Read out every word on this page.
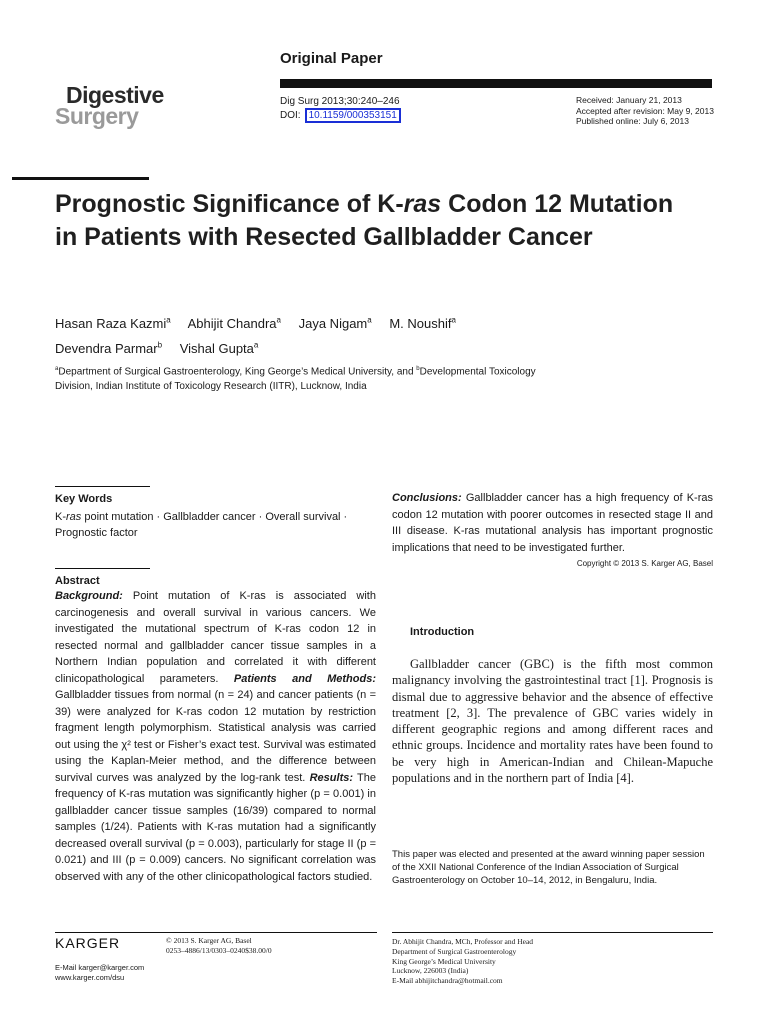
Digestive
Surgery
Original Paper
Dig Surg 2013;30:240–246
DOI: 10.1159/000353151
Received: January 21, 2013
Accepted after revision: May 9, 2013
Published online: July 6, 2013
Prognostic Significance of K-ras Codon 12 Mutation in Patients with Resected Gallbladder Cancer
Hasan Raza Kazmi$^a$ Abhijit Chandra$^a$ Jaya Nigam$^a$ M. Noushif$^a$
Devendra Parmar$^b$ Vishal Gupta$^a$
$^a$Department of Surgical Gastroenterology, King George’s Medical University, and $^b$Developmental Toxicology Division, Indian Institute of Toxicology Research (IITR), Lucknow, India
Key Words
K-ras point mutation · Gallbladder cancer · Overall survival · Prognostic factor
Abstract
Background: Point mutation of K-ras is associated with carcinogenesis and overall survival in various cancers. We investigated the mutational spectrum of K-ras codon 12 in resected normal and gallbladder cancer tissue samples in a Northern Indian population and correlated it with different clinicopathological parameters. Patients and Methods: Gallbladder tissues from normal (n = 24) and cancer patients (n = 39) were analyzed for K-ras codon 12 mutation by restriction fragment length polymorphism. Statistical analysis was carried out using the χ² test or Fisher’s exact test. Survival was estimated using the Kaplan-Meier method, and the difference between survival curves was analyzed by the log-rank test. Results: The frequency of K-ras mutation was significantly higher (p = 0.001) in gallbladder cancer tissue samples (16/39) compared to normal samples (1/24). Patients with K-ras mutation had a significantly decreased overall survival (p = 0.003), particularly for stage II (p = 0.021) and III (p = 0.009) cancers. No significant correlation was observed with any of the other clinicopathological factors studied.
Conclusions: Gallbladder cancer has a high frequency of K-ras codon 12 mutation with poorer outcomes in resected stage II and III disease. K-ras mutational analysis has important prognostic implications that need to be investigated further.
Copyright © 2013 S. Karger AG, Basel
Introduction
Gallbladder cancer (GBC) is the fifth most common malignancy involving the gastrointestinal tract [1]. Prognosis is dismal due to aggressive behavior and the absence of effective treatment [2, 3]. The prevalence of GBC varies widely in different geographic regions and among different races and ethnic groups. Incidence and mortality rates have been found to be very high in American-Indian and Chilean-Mapuche populations and in the northern part of India [4].
This paper was elected and presented at the award winning paper session of the XXII National Conference of the Indian Association of Surgical Gastroenterology on October 10–14, 2012, in Bengaluru, India.
KARGER	© 2013 S. Karger AG, Basel
0253–4886/13/0303–0240$38.00/0
E-Mail karger@karger.com
www.karger.com/dsu
Dr. Abhijit Chandra, MCh, Professor and Head
Department of Surgical Gastroenterology
King George’s Medical University
Lucknow, 226003 (India)
E-Mail abhijitchandra@hotmail.com
